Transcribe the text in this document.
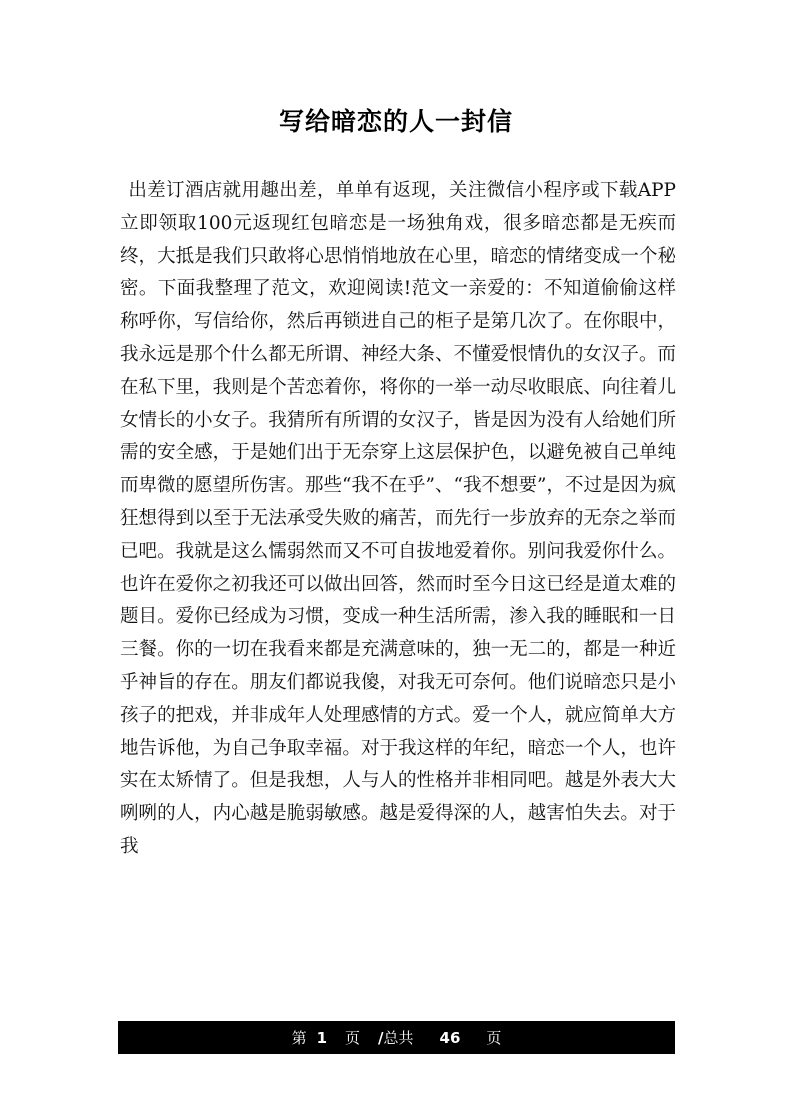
写给暗恋的人一封信
出差订酒店就用趣出差，单单有返现，关注微信小程序或下载APP立即领取100元返现红包暗恋是一场独角戏，很多暗恋都是无疾而终，大抵是我们只敢将心思悄悄地放在心里，暗恋的情绪变成一个秘密。下面我整理了范文，欢迎阅读!范文一亲爱的：不知道偷偷这样称呼你，写信给你，然后再锁进自己的柜子是第几次了。在你眼中，我永远是那个什么都无所谓、神经大条、不懂爱恨情仇的女汉子。而在私下里，我则是个苦恋着你，将你的一举一动尽收眼底、向往着儿女情长的小女子。我猜所有所谓的女汉子，皆是因为没有人给她们所需的安全感，于是她们出于无奈穿上这层保护色，以避免被自己单纯而卑微的愿望所伤害。那些“我不在乎”、“我不想要”，不过是因为疯狂想得到以至于无法承受失败的痛苦，而先行一步放弃的无奈之举而已吧。我就是这么懦弱然而又不可自拔地爱着你。别问我爱你什么。也许在爱你之初我还可以做出回答，然而时至今日这已经是道太难的题目。爱你已经成为习惯，变成一种生活所需，渗入我的睡眠和一日三餐。你的一切在我看来都是充满意味的，独一无二的，都是一种近乎神旨的存在。朋友们都说我傻，对我无可奈何。他们说暗恋只是小孩子的把戏，并非成年人处理感情的方式。爱一个人，就应简单大方地告诉他，为自己争取幸福。对于我这样的年纪，暗恋一个人，也许实在太矫情了。但是我想，人与人的性格并非相同吧。越是外表大大咧咧的人，内心越是脆弱敏感。越是爱得深的人，越害怕失去。对于我
第 1 页 / 总共 46 页
